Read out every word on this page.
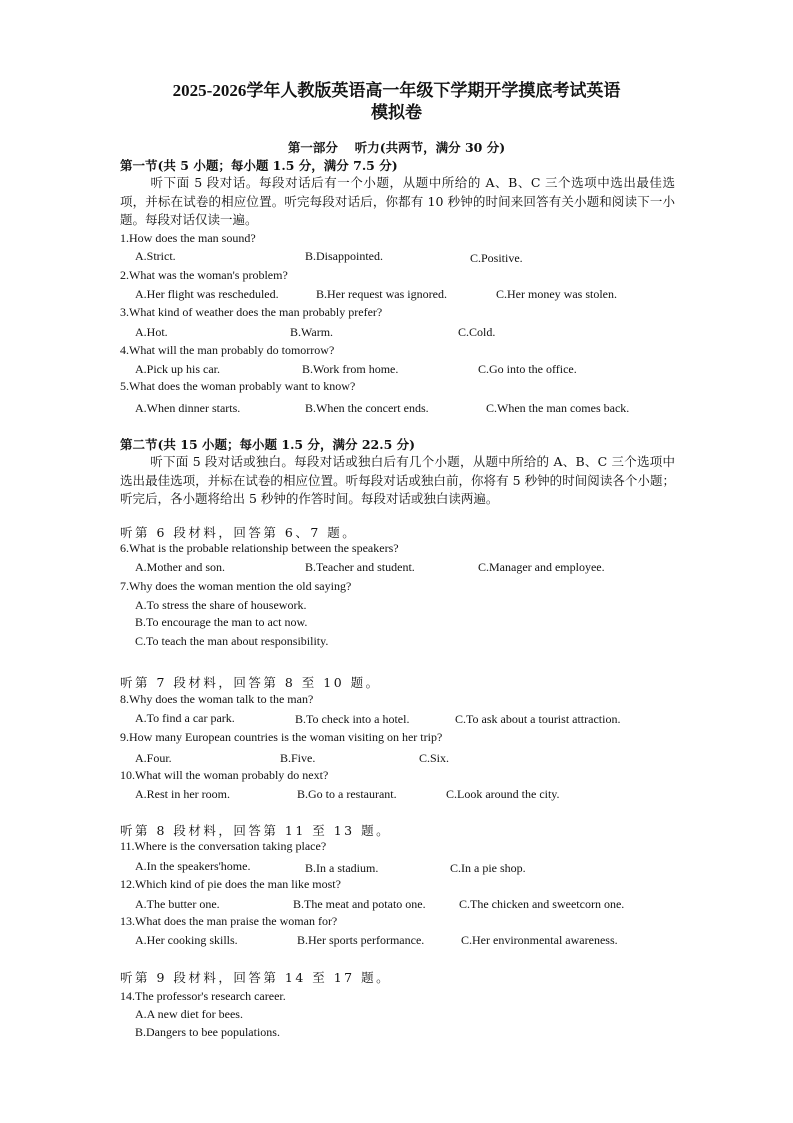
2025-2026学年人教版英语高一年级下学期开学摸底考试英语
模拟卷
第一部分　 听力(共两节，满分 30 分)
第一节(共 5 小题；每小题 1.5 分，满分 7.5 分)
听下面 5 段对话。每段对话后有一个小题，从题中所给的 A、B、C 三个选项中选出最佳选项，并标在试卷的相应位置。听完每段对话后，你都有 10 秒钟的时间来回答有关小题和阅读下一小题。每段对话仅读一遍。
1.How does the man sound?
A.Strict.	B.Disappointed.	C.Positive.
2.What was the woman's problem?
A.Her flight was rescheduled.	B.Her request was ignored.	C.Her money was stolen.
3.What kind of weather does the man probably prefer?
A.Hot.	B.Warm.	C.Cold.
4.What will the man probably do tomorrow?
A.Pick up his car.	B.Work from home.	C.Go into the office.
5.What does the woman probably want to know?
A.When dinner starts.	B.When the concert ends.	C.When the man comes back.
第二节(共 15 小题；每小题 1.5 分，满分 22.5 分)
听下面 5 段对话或独白。每段对话或独白后有几个小题，从题中所给的 A、B、C 三个选项中选出最佳选项，并标在试卷的相应位置。听每段对话或独白前，你将有 5 秒钟的时间阅读各个小题；听完后，各小题将给出 5 秒钟的作答时间。每段对话或独白读两遍。
听第 6 段材料，回答第 6、7 题。
6.What is the probable relationship between the speakers?
A.Mother and son.	B.Teacher and student.	C.Manager and employee.
7.Why does the woman mention the old saying?
A.To stress the share of housework.
B.To encourage the man to act now.
C.To teach the man about responsibility.
听第 7 段材料，回答第 8 至 10 题。
8.Why does the woman talk to the man?
A.To find a car park.	B.To check into a hotel.	C.To ask about a tourist attraction.
9.How many European countries is the woman visiting on her trip?
A.Four.	B.Five.	C.Six.
10.What will the woman probably do next?
A.Rest in her room.	B.Go to a restaurant.	C.Look around the city.
听第 8 段材料，回答第 11 至 13 题。
11.Where is the conversation taking place?
A.In the speakers'home.	B.In a stadium.	C.In a pie shop.
12.Which kind of pie does the man like most?
A.The butter one.	B.The meat and potato one.	C.The chicken and sweetcorn one.
13.What does the man praise the woman for?
A.Her cooking skills.	B.Her sports performance.	C.Her environmental awareness.
听第 9 段材料，回答第 14 至 17 题。
14.The professor's research career.
A.A new diet for bees.
B.Dangers to bee populations.
